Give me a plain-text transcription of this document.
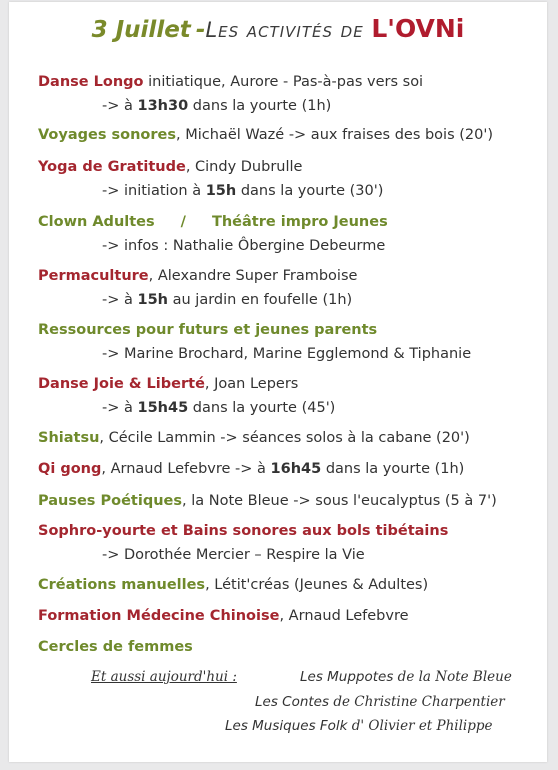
3 Juillet -Les activités de L'OVNi
Danse Longo initiatique, Aurore - Pas-à-pas vers soi
-> à 13h30 dans la yourte (1h)
Voyages sonores, Michaël Wazé -> aux fraises des bois (20')
Yoga de Gratitude, Cindy Dubrulle
-> initiation à 15h dans la yourte (30')
Clown Adultes / Théâtre impro Jeunes
-> infos : Nathalie Ôbergine Debeurme
Permaculture, Alexandre Super Framboise
-> à 15h au jardin en foufelle (1h)
Ressources pour futurs et jeunes parents
-> Marine Brochard, Marine Egglemond & Tiphanie
Danse Joie & Liberté, Joan Lepers
-> à 15h45 dans la yourte (45')
Shiatsu, Cécile Lammin -> séances solos à la cabane (20')
Qi gong, Arnaud Lefebvre -> à 16h45 dans la yourte (1h)
Pauses Poétiques, la Note Bleue -> sous l'eucalyptus (5 à 7')
Sophro-yourte et Bains sonores aux bols tibétains
-> Dorothée Mercier – Respire la Vie
Créations manuelles, Létit'créas (Jeunes & Adultes)
Formation Médecine Chinoise, Arnaud Lefebvre
Cercles de femmes
Et aussi aujourd'hui :	Les Muppotes de la Note Bleue
Les Contes de Christine Charpentier
Les Musiques Folk d' Olivier et Philippe
